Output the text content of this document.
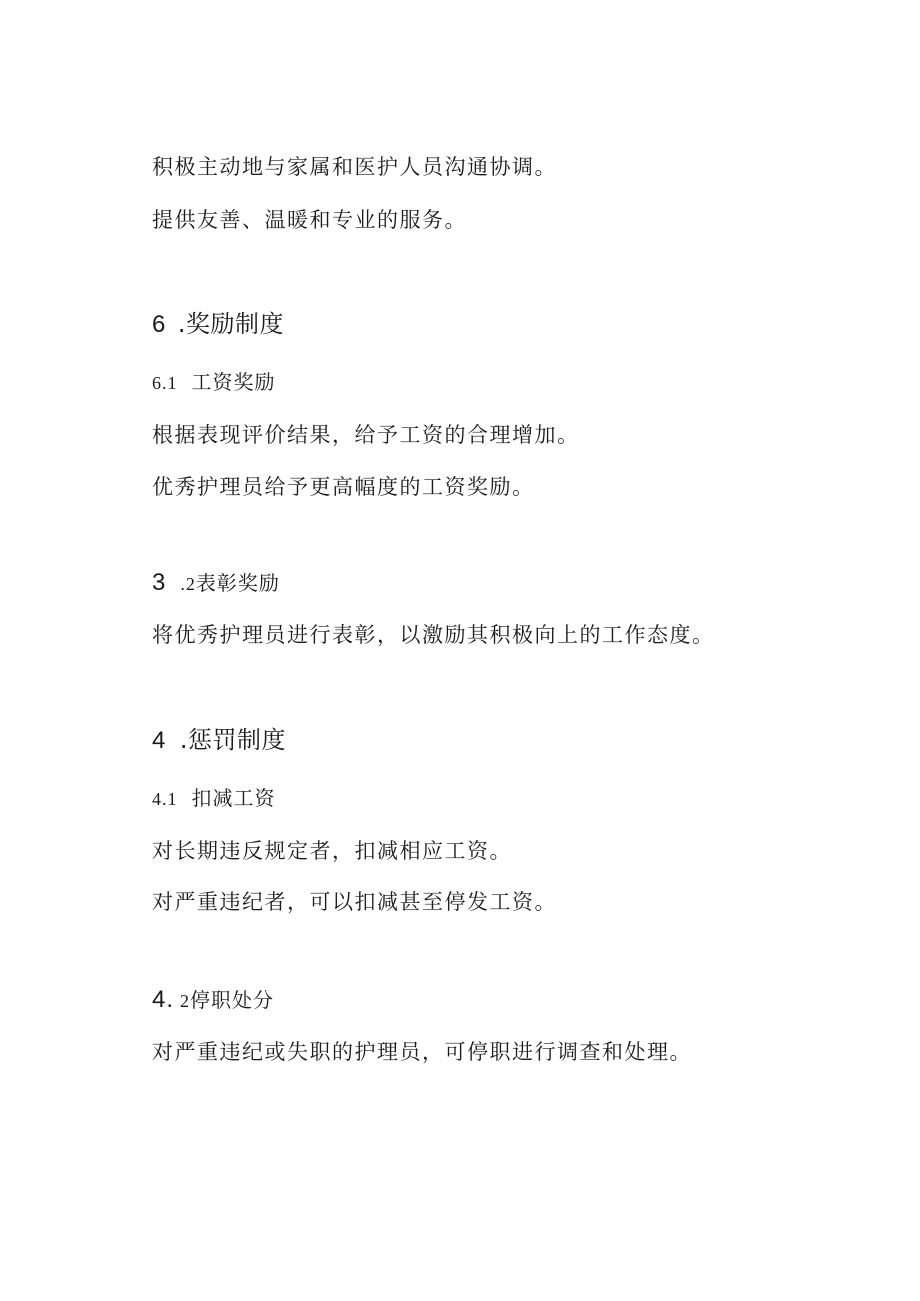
积极主动地与家属和医护人员沟通协调。
提供友善、温暖和专业的服务。
6 .奖励制度
6.1 工资奖励
根据表现评价结果，给予工资的合理增加。
优秀护理员给予更高幅度的工资奖励。
3 .2表彰奖励
将优秀护理员进行表彰，以激励其积极向上的工作态度。
4 .惩罚制度
4.1 扣减工资
对长期违反规定者，扣减相应工资。
对严重违纪者，可以扣减甚至停发工资。
4. 2停职处分
对严重违纪或失职的护理员，可停职进行调查和处理。
